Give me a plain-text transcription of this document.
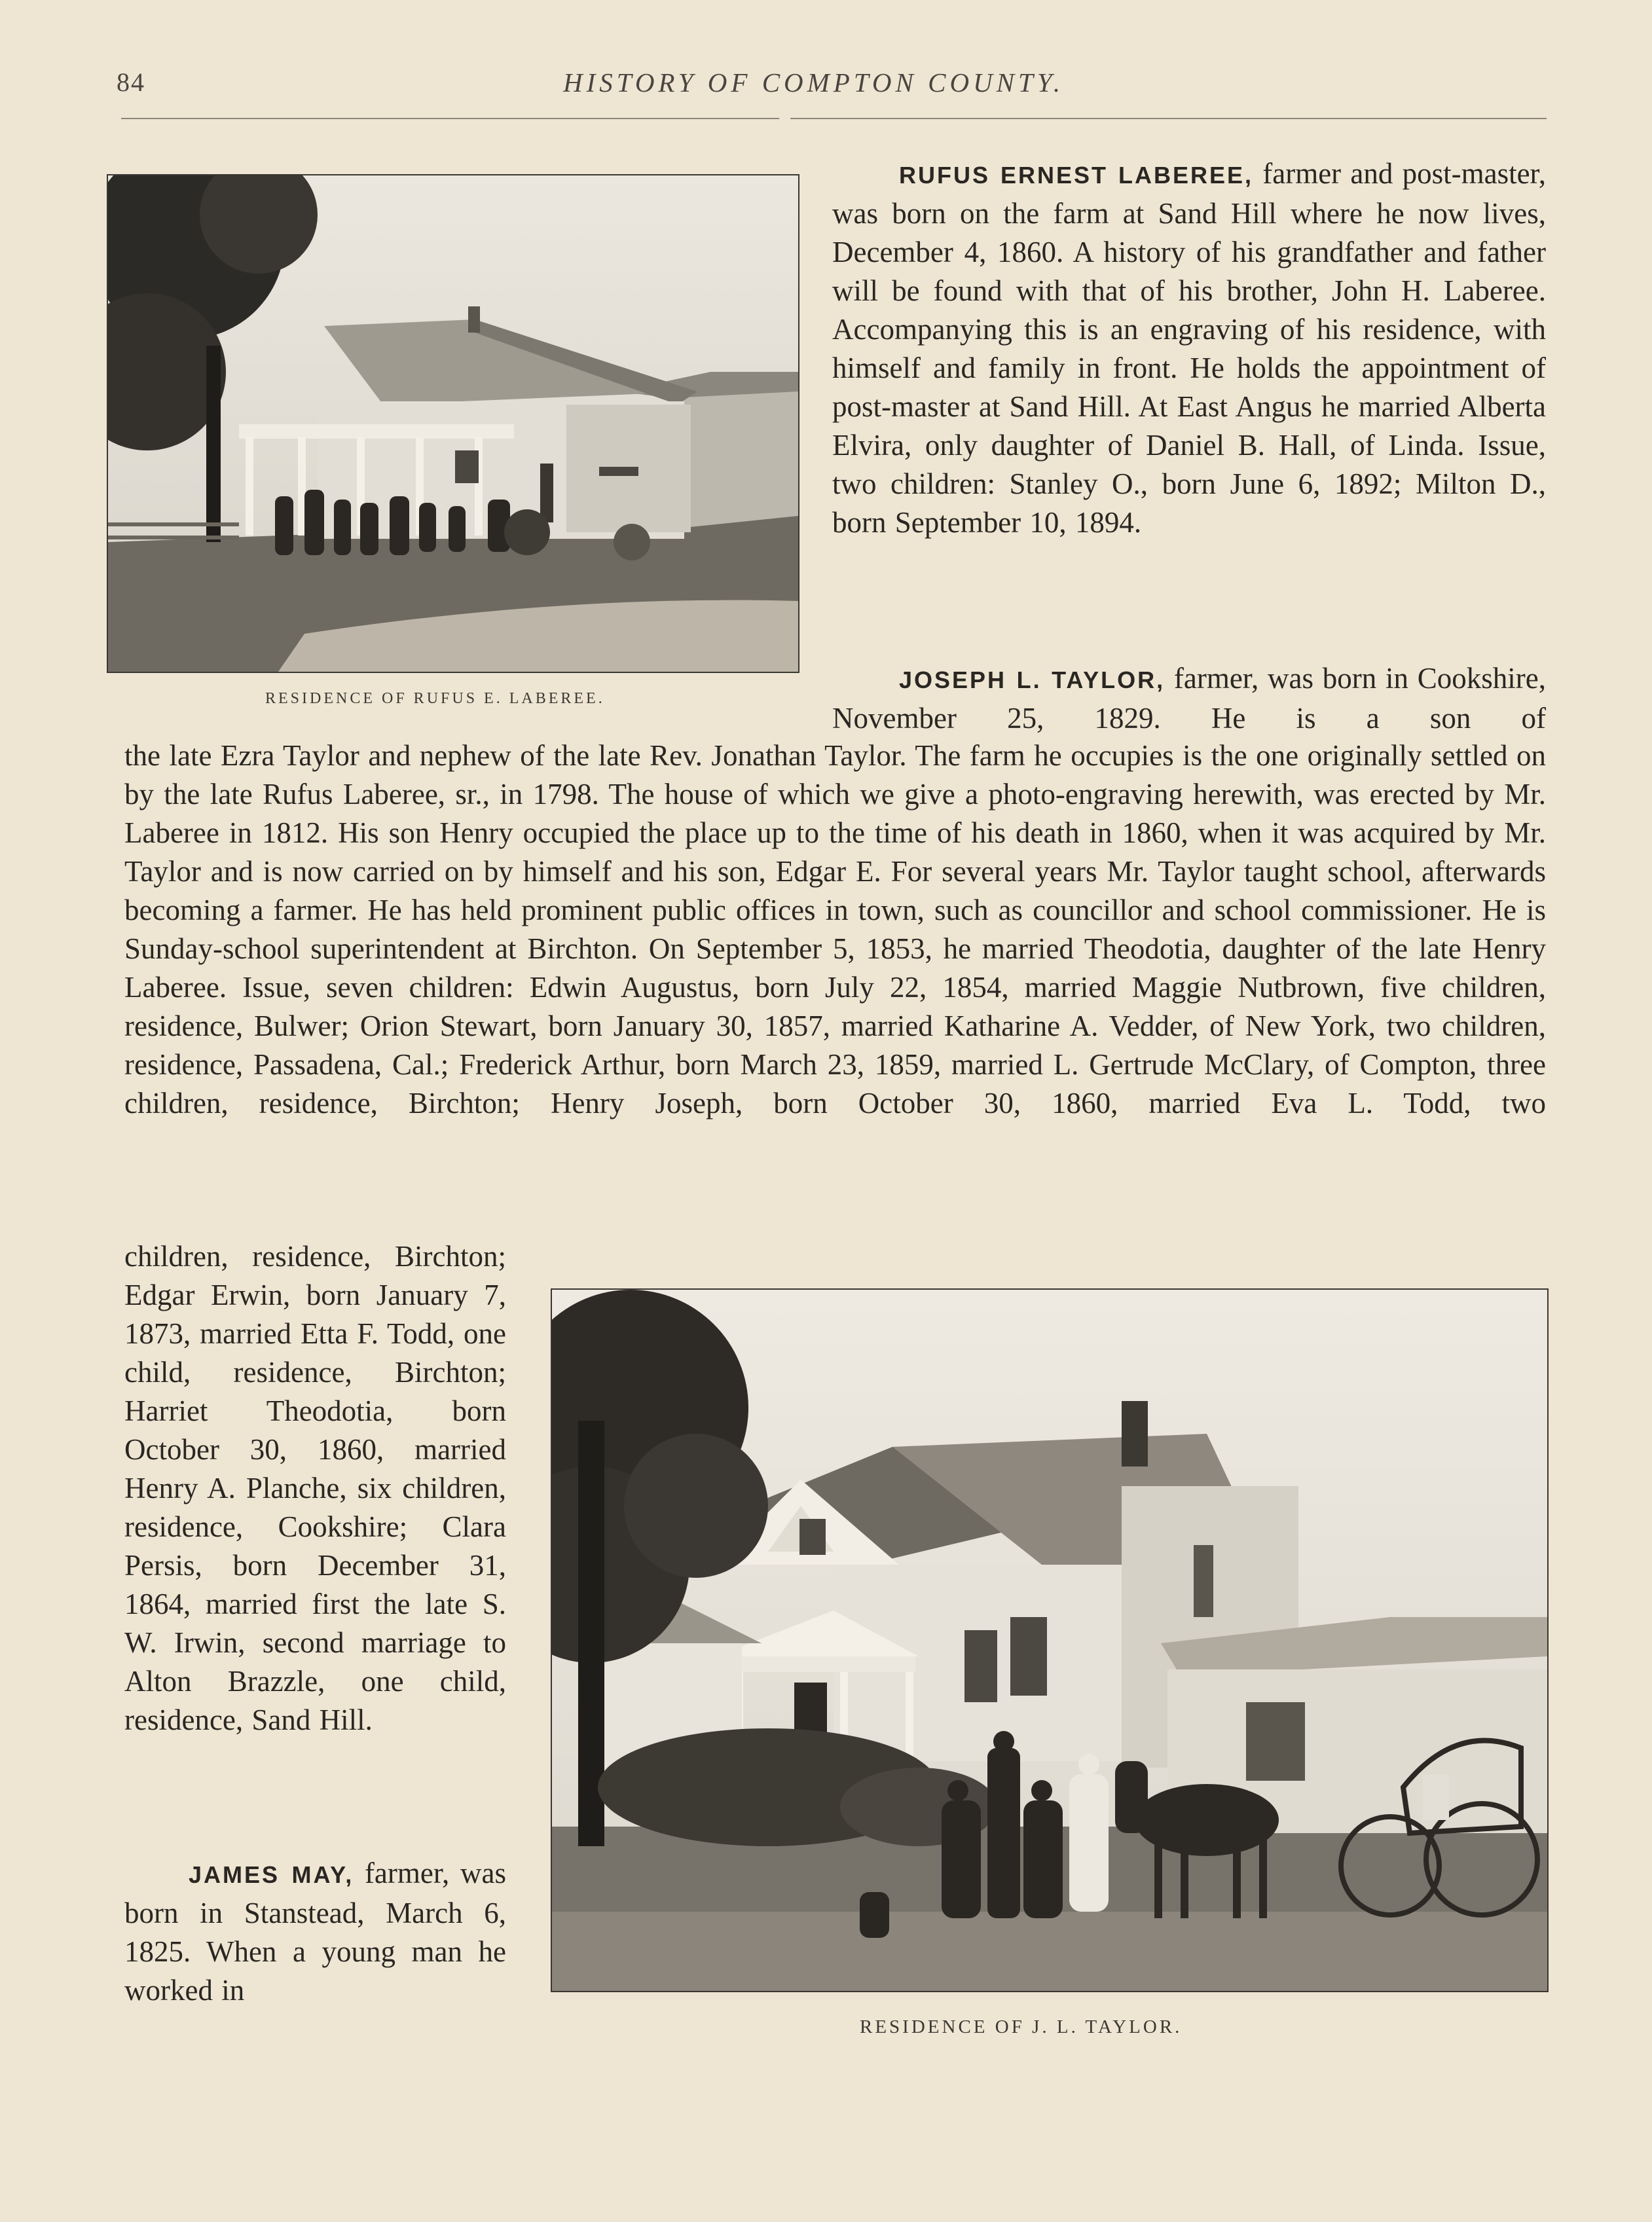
84	HISTORY OF COMPTON COUNTY.
RESIDENCE OF RUFUS E. LABEREE.

RUFUS ERNEST LABEREE, farmer and post-master, was born on the farm at Sand Hill where he now lives, December 4, 1860. A history of his grandfather and father will be found with that of his brother, John H. Laberee. Accompanying this is an engraving of his residence, with himself and family in front. He holds the appointment of post-master at Sand Hill. At East Angus he married Alberta Elvira, only daughter of Daniel B. Hall, of Linda. Issue, two children: Stanley O., born June 6, 1892; Milton D., born September 10, 1894.

JOSEPH L. TAYLOR, farmer, was born in Cookshire, November 25, 1829. He is a son of

the late Ezra Taylor and nephew of the late Rev. Jonathan Taylor. The farm he occupies is the one originally settled on by the late Rufus Laberee, sr., in 1798. The house of which we give a photo-engraving herewith, was erected by Mr. Laberee in 1812. His son Henry occupied the place up to the time of his death in 1860, when it was acquired by Mr. Taylor and is now carried on by himself and his son, Edgar E. For several years Mr. Taylor taught school, afterwards becoming a farmer. He has held prominent public offices in town, such as councillor and school commissioner. He is Sunday-school superintendent at Birchton. On September 5, 1853, he married Theodotia, daughter of the late Henry Laberee. Issue, seven children: Edwin Augustus, born July 22, 1854, married Maggie Nutbrown, five children, residence, Bulwer; Orion Stewart, born January 30, 1857, married Katharine A. Vedder, of New York, two children, residence, Passadena, Cal.; Frederick Arthur, born March 23, 1859, married L. Gertrude McClary, of Compton, three children, residence, Birchton; Henry Joseph, born October 30, 1860, married Eva L. Todd, two

children, residence, Birchton; Edgar Erwin, born January 7, 1873, married Etta F. Todd, one child, residence, Birchton; Harriet Theodotia, born October 30, 1860, married Henry A. Planche, six children, residence, Cookshire; Clara Persis, born December 31, 1864, married first the late S. W. Irwin, second marriage to Alton Brazzle, one child, residence, Sand Hill.

JAMES MAY, farmer, was born in Stanstead, March 6, 1825. When a young man he worked in

RESIDENCE OF J. L. TAYLOR.
